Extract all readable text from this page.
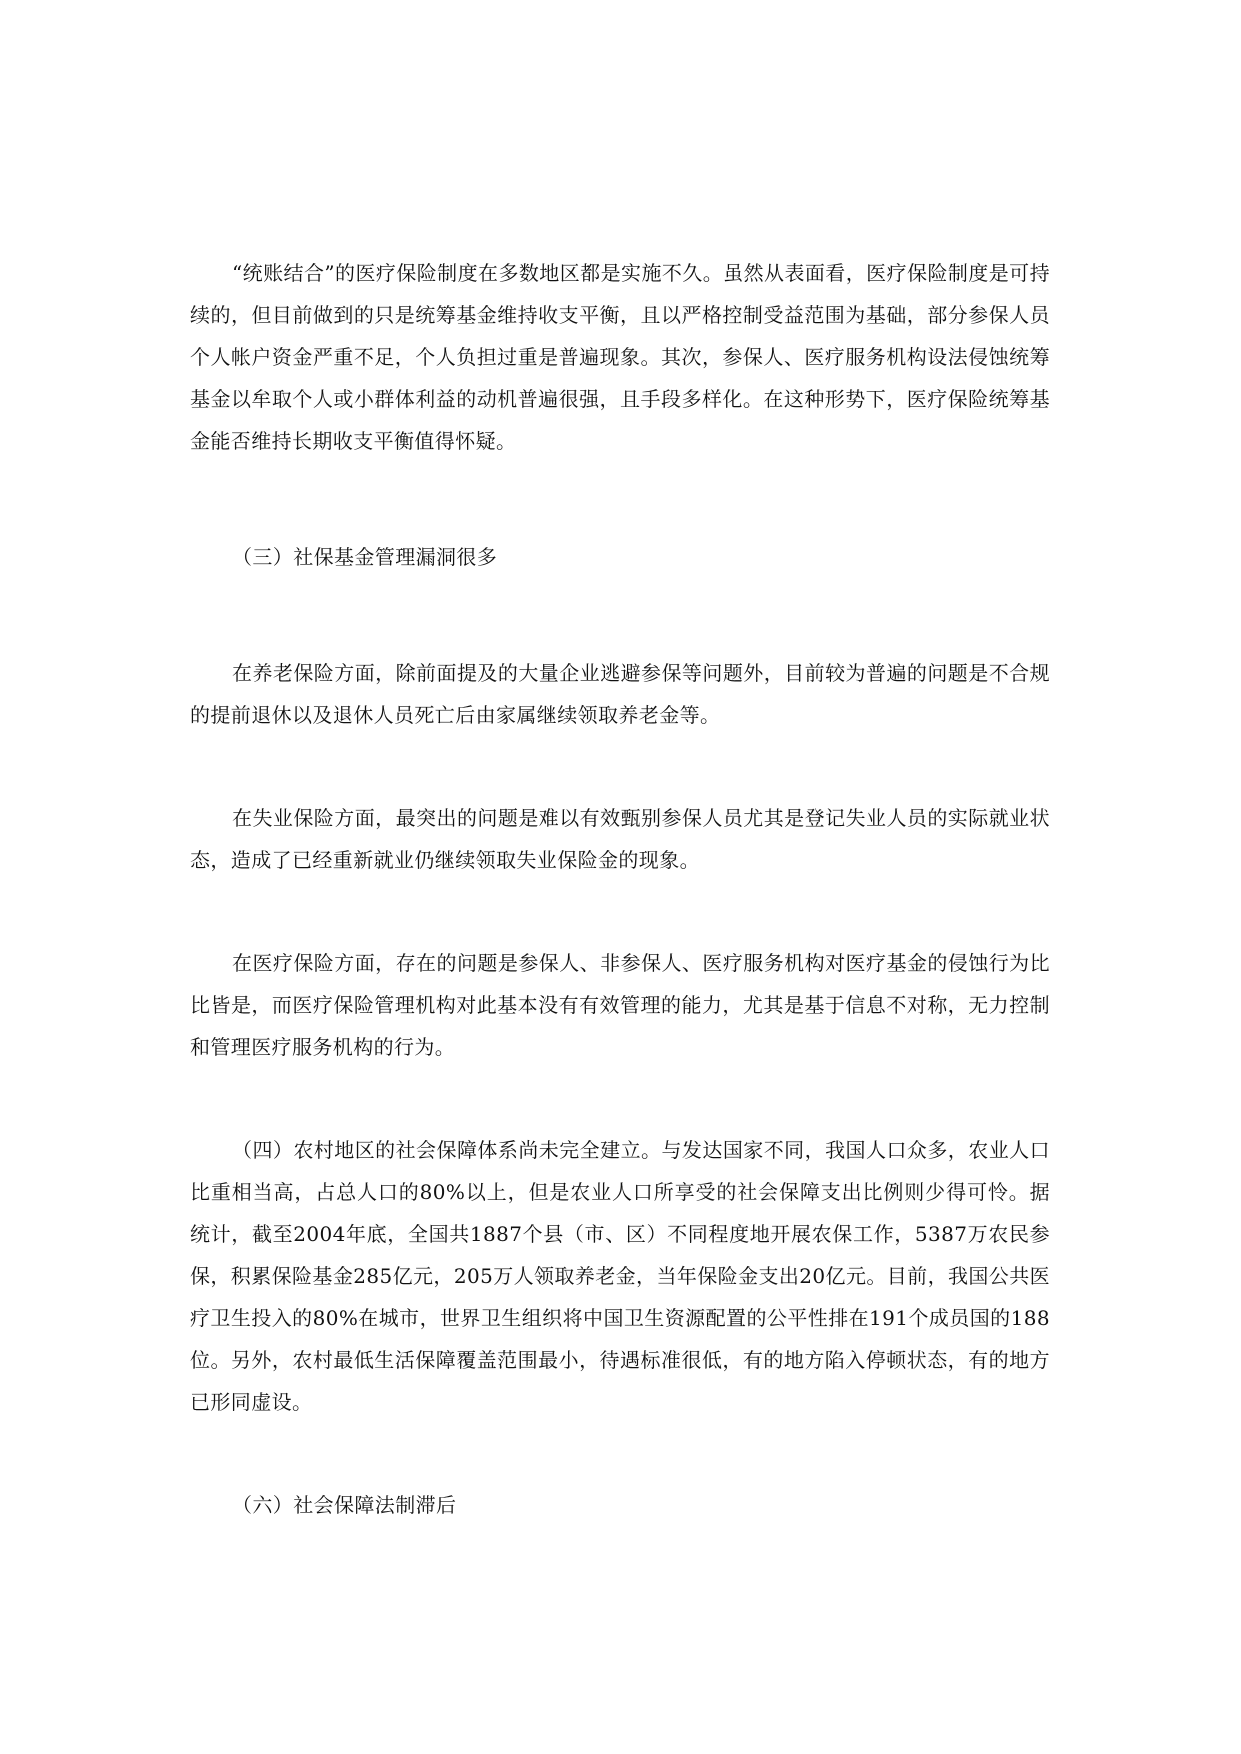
“统账结合”的医疗保险制度在多数地区都是实施不久。虽然从表面看，医疗保险制度是可持续的，但目前做到的只是统筹基金维持收支平衡，且以严格控制受益范围为基础，部分参保人员个人帐户资金严重不足，个人负担过重是普遍现象。其次，参保人、医疗服务机构设法侵蚀统筹基金以牟取个人或小群体利益的动机普遍很强，且手段多样化。在这种形势下，医疗保险统筹基金能否维持长期收支平衡值得怀疑。

（三）社保基金管理漏洞很多

在养老保险方面，除前面提及的大量企业逃避参保等问题外，目前较为普遍的问题是不合规的提前退休以及退休人员死亡后由家属继续领取养老金等。

在失业保险方面，最突出的问题是难以有效甄别参保人员尤其是登记失业人员的实际就业状态，造成了已经重新就业仍继续领取失业保险金的现象。

在医疗保险方面，存在的问题是参保人、非参保人、医疗服务机构对医疗基金的侵蚀行为比比皆是，而医疗保险管理机构对此基本没有有效管理的能力，尤其是基于信息不对称，无力控制和管理医疗服务机构的行为。

（四）农村地区的社会保障体系尚未完全建立。与发达国家不同，我国人口众多，农业人口比重相当高，占总人口的80%以上，但是农业人口所享受的社会保障支出比例则少得可怜。据统计，截至2004年底，全国共1887个县（市、区）不同程度地开展农保工作，5387万农民参保，积累保险基金285亿元，205万人领取养老金，当年保险金支出20亿元。目前，我国公共医疗卫生投入的80%在城市，世界卫生组织将中国卫生资源配置的公平性排在191个成员国的188位。另外，农村最低生活保障覆盖范围最小，待遇标准很低，有的地方陷入停顿状态，有的地方已形同虚设。

（六）社会保障法制滞后
